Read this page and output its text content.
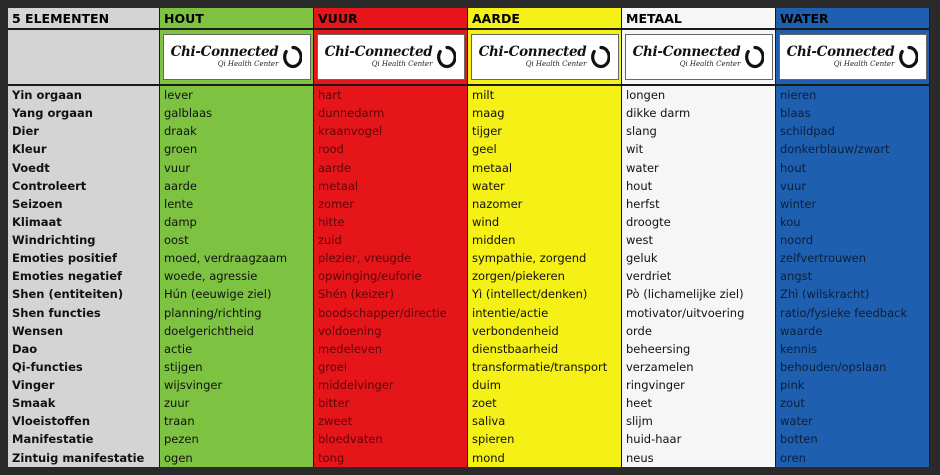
5 ELEMENTEN	HOUT	VUUR	AARDE	METAAL	WATER
Chi-Connected
Qi Health Center
Chi-Connected
Qi Health Center
Chi-Connected
Qi Health Center
Chi-Connected
Qi Health Center
Chi-Connected
Qi Health Center
Yin orgaan	lever	hart	milt	longen	nieren
Yang orgaan	galblaas	dunnedarm	maag	dikke darm	blaas
Dier	draak	kraanvogel	tijger	slang	schildpad
Kleur	groen	rood	geel	wit	donkerblauw/zwart
Voedt	vuur	aarde	metaal	water	hout
Controleert	aarde	metaal	water	hout	vuur
Seizoen	lente	zomer	nazomer	herfst	winter
Klimaat	damp	hitte	wind	droogte	kou
Windrichting	oost	zuid	midden	west	noord
Emoties positief	moed, verdraagzaam	plezier, vreugde	sympathie, zorgend	geluk	zelfvertrouwen
Emoties negatief	woede, agressie	opwinging/euforie	zorgen/piekeren	verdriet	angst
Shen (entiteiten)	Hún (eeuwige ziel)	Shén (keizer)	Yì (intellect/denken)	Pò (lichamelijke ziel)	Zhì (wilskracht)
Shen functies	planning/richting	boodschapper/directie	intentie/actie	motivator/uitvoering	ratio/fysieke feedback
Wensen	doelgerichtheid	voldoening	verbondenheid	orde	waarde
Dao	actie	medeleven	dienstbaarheid	beheersing	kennis
Qi-functies	stijgen	groei	transformatie/transport	verzamelen	behouden/opslaan
Vinger	wijsvinger	middelvinger	duim	ringvinger	pink
Smaak	zuur	bitter	zoet	heet	zout
Vloeistoffen	traan	zweet	saliva	slijm	water
Manifestatie	pezen	bloedvaten	spieren	huid-haar	botten
Zintuig manifestatie	ogen	tong	mond	neus	oren
